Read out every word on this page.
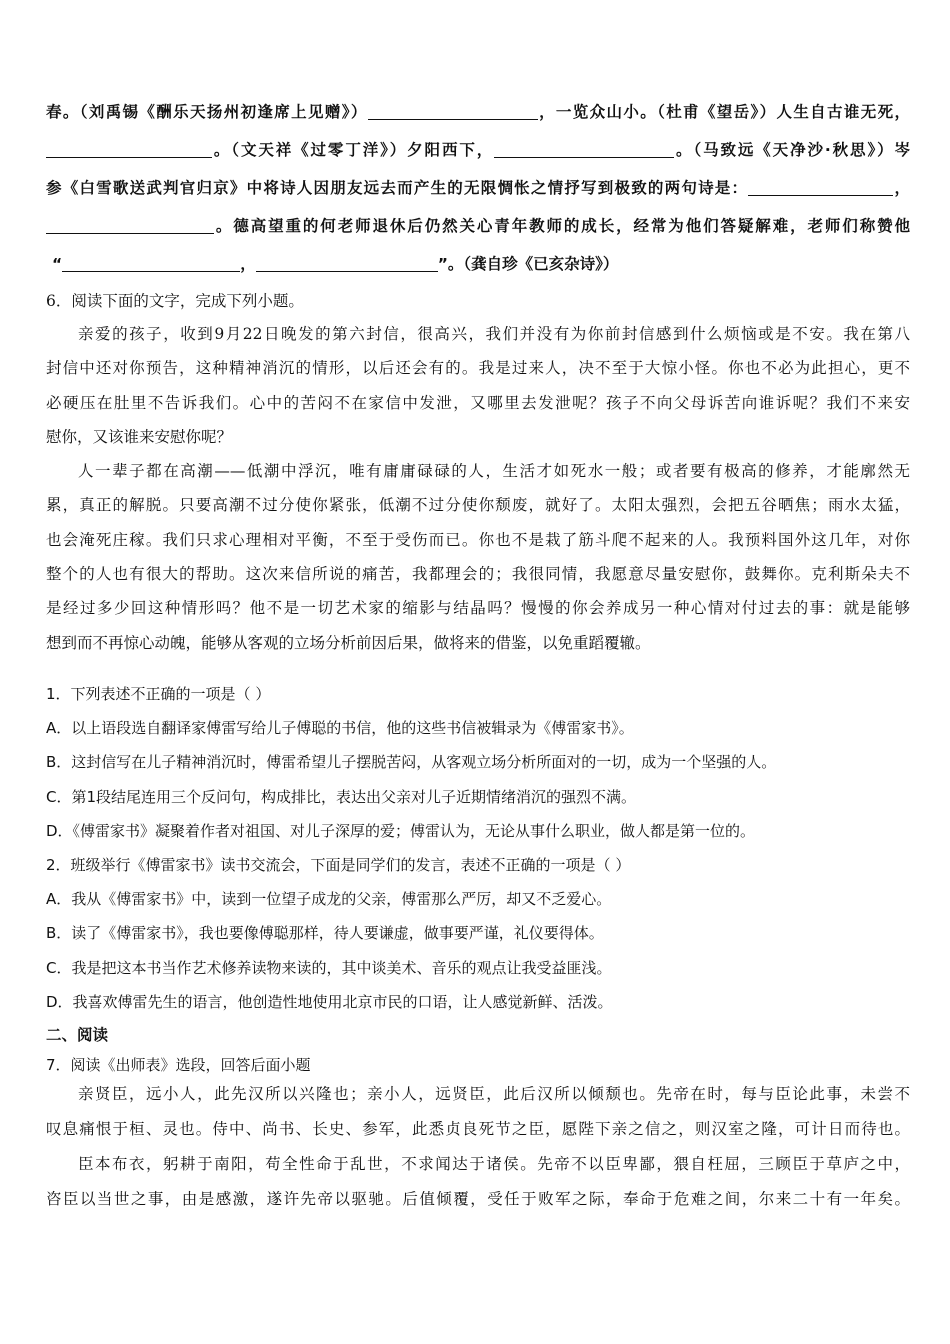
春。（刘禹锡《酬乐天扬州初逢席上见赠》）	，一览众山小。（杜甫《望岳》）人生自古谁无死，
。（文天祥《过零丁洋》）夕阳西下，	。（马致远《天净沙·秋思》）岑
参《白雪歌送武判官归京》中将诗人因朋友远去而产生的无限惆怅之情抒写到极致的两句诗是：	，
。德高望重的何老师退休后仍然关心青年教师的成长，经常为他们答疑解难，老师们称赞他
“	，	”。（龚自珍《已亥杂诗》）
6．阅读下面的文字，完成下列小题。
亲爱的孩子，收到9月22日晚发的第六封信，很高兴，我们并没有为你前封信感到什么烦恼或是不安。我在第八
封信中还对你预告，这种精神消沉的情形，以后还会有的。我是过来人，决不至于大惊小怪。你也不必为此担心，更不
必硬压在肚里不告诉我们。心中的苦闷不在家信中发泄，又哪里去发泄呢？孩子不向父母诉苦向谁诉呢？我们不来安
慰你，又该谁来安慰你呢？
人一辈子都在高潮——低潮中浮沉，唯有庸庸碌碌的人，生活才如死水一般；或者要有极高的修养，才能廓然无
累，真正的解脱。只要高潮不过分使你紧张，低潮不过分使你颓废，就好了。太阳太强烈，会把五谷晒焦；雨水太猛，
也会淹死庄稼。我们只求心理相对平衡，不至于受伤而已。你也不是栽了筋斗爬不起来的人。我预料国外这几年，对你
整个的人也有很大的帮助。这次来信所说的痛苦，我都理会的；我很同情，我愿意尽量安慰你，鼓舞你。克利斯朵夫不
是经过多少回这种情形吗？他不是一切艺术家的缩影与结晶吗？慢慢的你会养成另一种心情对付过去的事：就是能够
想到而不再惊心动魄，能够从客观的立场分析前因后果，做将来的借鉴，以免重蹈覆辙。
1．下列表述不正确的一项是（ ）
A．以上语段选自翻译家傅雷写给儿子傅聪的书信，他的这些书信被辑录为《傅雷家书》。
B．这封信写在儿子精神消沉时，傅雷希望儿子摆脱苦闷，从客观立场分析所面对的一切，成为一个坚强的人。
C．第1段结尾连用三个反问句，构成排比，表达出父亲对儿子近期情绪消沉的强烈不满。
D．《傅雷家书》凝聚着作者对祖国、对儿子深厚的爱；傅雷认为，无论从事什么职业，做人都是第一位的。
2．班级举行《傅雷家书》读书交流会，下面是同学们的发言，表述不正确的一项是（ ）
A．我从《傅雷家书》中，读到一位望子成龙的父亲，傅雷那么严厉，却又不乏爱心。
B．读了《傅雷家书》，我也要像傅聪那样，待人要谦虚，做事要严谨，礼仪要得体。
C．我是把这本书当作艺术修养读物来读的，其中谈美术、音乐的观点让我受益匪浅。
D．我喜欢傅雷先生的语言，他创造性地使用北京市民的口语，让人感觉新鲜、活泼。
二、阅读
7．阅读《出师表》选段，回答后面小题
亲贤臣，远小人，此先汉所以兴隆也；亲小人，远贤臣，此后汉所以倾颓也。先帝在时，每与臣论此事，未尝不
叹息痛恨于桓、灵也。侍中、尚书、长史、参军，此悉贞良死节之臣，愿陛下亲之信之，则汉室之隆，可计日而待也。
臣本布衣，躬耕于南阳，苟全性命于乱世，不求闻达于诸侯。先帝不以臣卑鄙，猥自枉屈，三顾臣于草庐之中，
咨臣以当世之事，由是感激，遂许先帝以驱驰。后值倾覆，受任于败军之际，奉命于危难之间，尔来二十有一年矣。
